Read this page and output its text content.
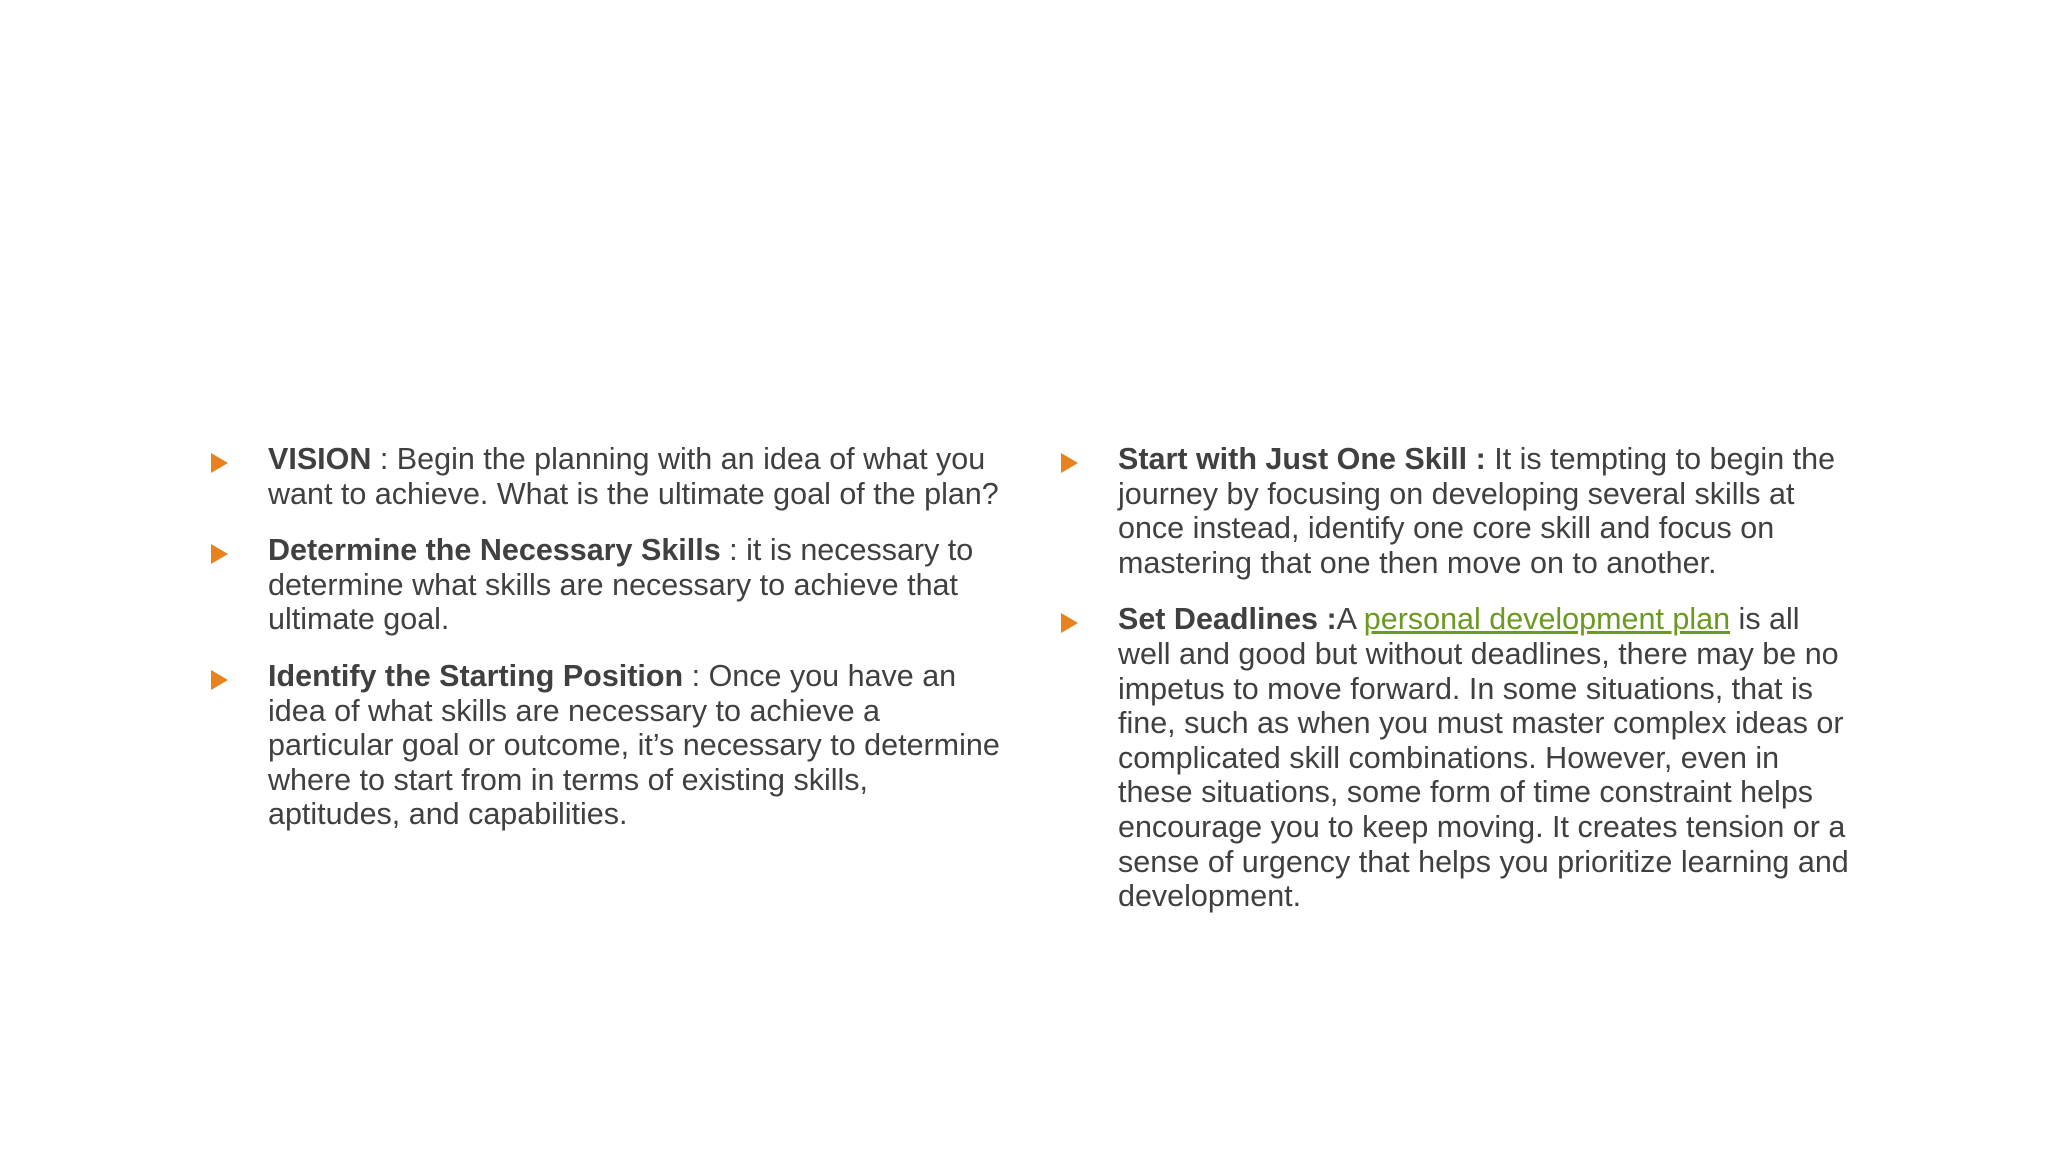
VISION : Begin the planning with an idea of what you want to achieve. What is the ultimate goal of the plan?
Determine the Necessary Skills : it is necessary to determine what skills are necessary to achieve that ultimate goal.
Identify the Starting Position : Once you have an idea of what skills are necessary to achieve a particular goal or outcome, it’s necessary to determine where to start from in terms of existing skills, aptitudes, and capabilities.
Start with Just One Skill : It is tempting to begin the journey by focusing on developing several skills at once instead, identify one core skill and focus on mastering that one then move on to another.
Set Deadlines :A personal development plan is all well and good but without deadlines, there may be no impetus to move forward. In some situations, that is fine, such as when you must master complex ideas or complicated skill combinations. However, even in these situations, some form of time constraint helps encourage you to keep moving. It creates tension or a sense of urgency that helps you prioritize learning and development.
